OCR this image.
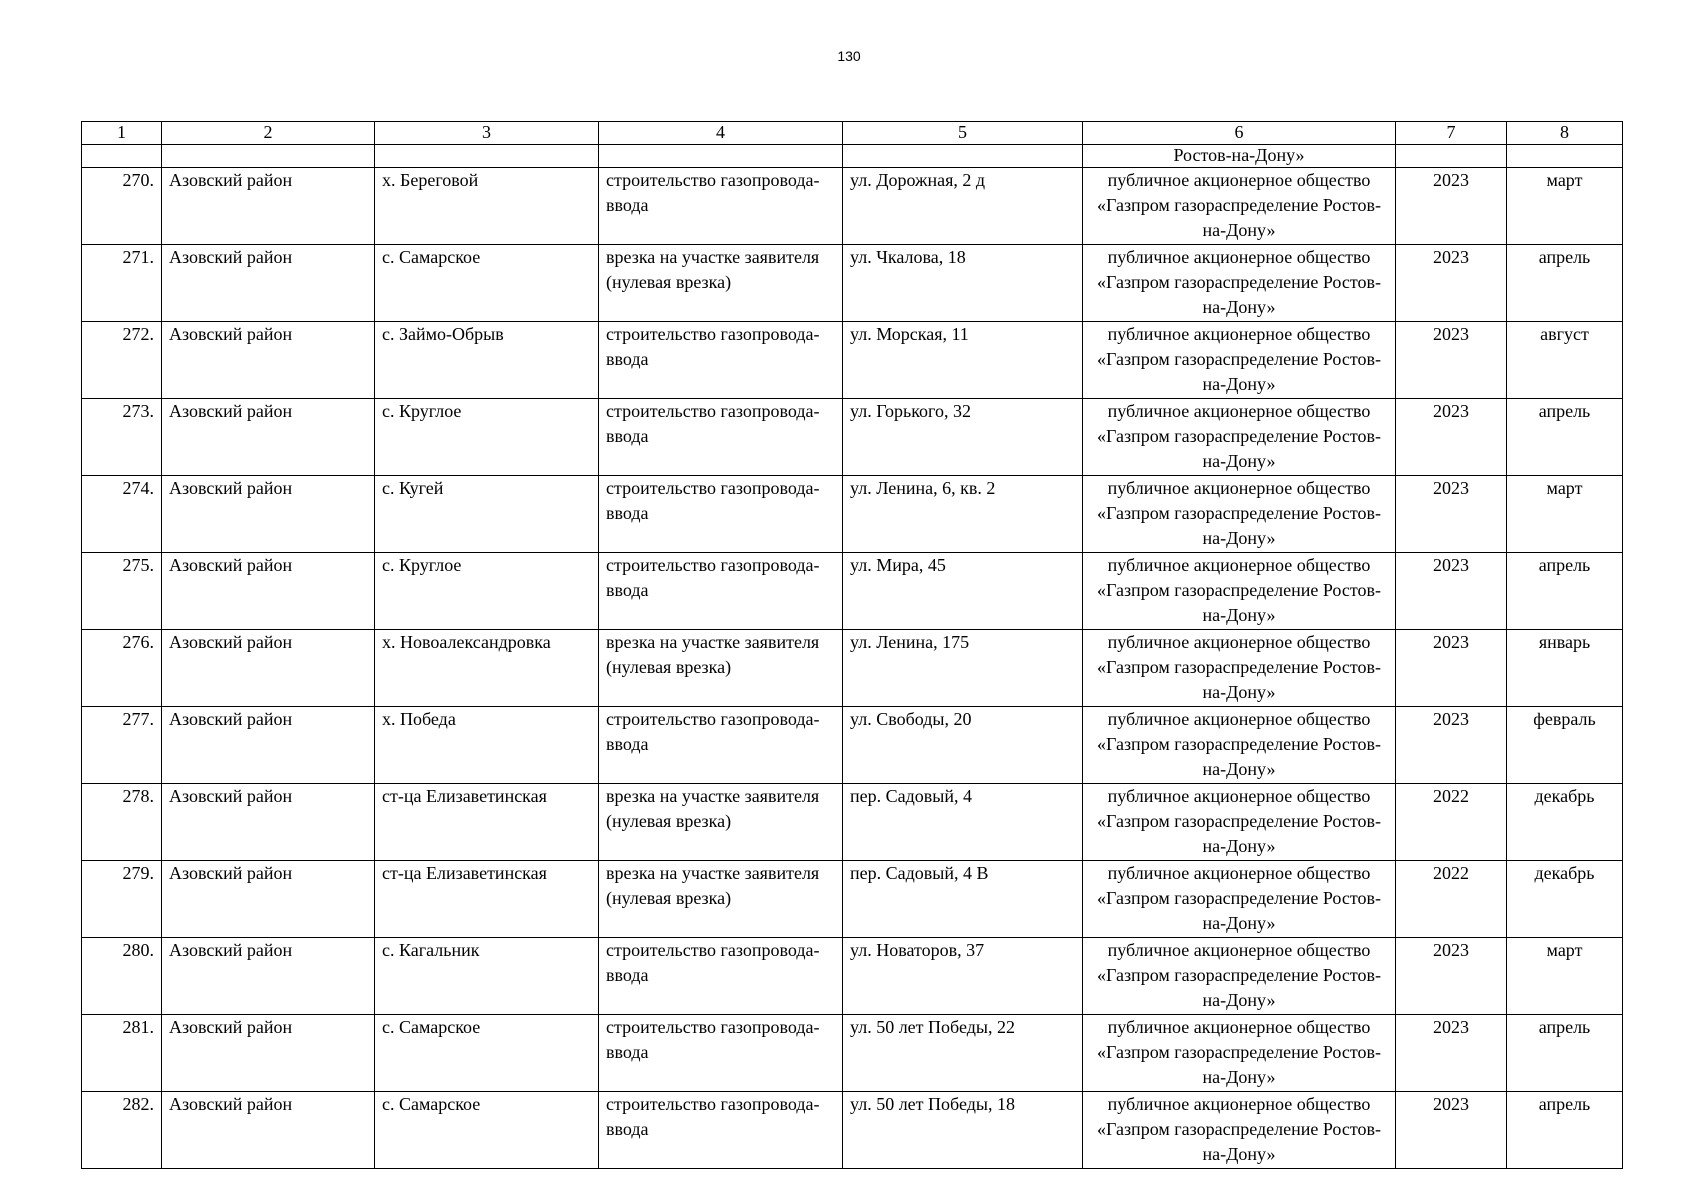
130
1	2	3	4	5	6	7	8
					Ростов-на-Дону»		
270.	Азовский район	х. Береговой	строительство газопровода-ввода	ул. Дорожная, 2 д	публичное акционерное общество «Газпром газораспределение Ростов-на-Дону»	2023	март
271.	Азовский район	с. Самарское	врезка на участке заявителя (нулевая врезка)	ул. Чкалова, 18	публичное акционерное общество «Газпром газораспределение Ростов-на-Дону»	2023	апрель
272.	Азовский район	с. Займо-Обрыв	строительство газопровода-ввода	ул. Морская, 11	публичное акционерное общество «Газпром газораспределение Ростов-на-Дону»	2023	август
273.	Азовский район	с. Круглое	строительство газопровода-ввода	ул. Горького, 32	публичное акционерное общество «Газпром газораспределение Ростов-на-Дону»	2023	апрель
274.	Азовский район	с. Кугей	строительство газопровода-ввода	ул. Ленина, 6, кв. 2	публичное акционерное общество «Газпром газораспределение Ростов-на-Дону»	2023	март
275.	Азовский район	с. Круглое	строительство газопровода-ввода	ул. Мира, 45	публичное акционерное общество «Газпром газораспределение Ростов-на-Дону»	2023	апрель
276.	Азовский район	х. Новоалександровка	врезка на участке заявителя (нулевая врезка)	ул. Ленина, 175	публичное акционерное общество «Газпром газораспределение Ростов-на-Дону»	2023	январь
277.	Азовский район	х. Победа	строительство газопровода-ввода	ул. Свободы, 20	публичное акционерное общество «Газпром газораспределение Ростов-на-Дону»	2023	февраль
278.	Азовский район	ст-ца Елизаветинская	врезка на участке заявителя (нулевая врезка)	пер. Садовый, 4	публичное акционерное общество «Газпром газораспределение Ростов-на-Дону»	2022	декабрь
279.	Азовский район	ст-ца Елизаветинская	врезка на участке заявителя (нулевая врезка)	пер. Садовый, 4 В	публичное акционерное общество «Газпром газораспределение Ростов-на-Дону»	2022	декабрь
280.	Азовский район	с. Кагальник	строительство газопровода-ввода	ул. Новаторов, 37	публичное акционерное общество «Газпром газораспределение Ростов-на-Дону»	2023	март
281.	Азовский район	с. Самарское	строительство газопровода-ввода	ул. 50 лет Победы, 22	публичное акционерное общество «Газпром газораспределение Ростов-на-Дону»	2023	апрель
282.	Азовский район	с. Самарское	строительство газопровода-ввода	ул. 50 лет Победы, 18	публичное акционерное общество «Газпром газораспределение Ростов-на-Дону»	2023	апрель
